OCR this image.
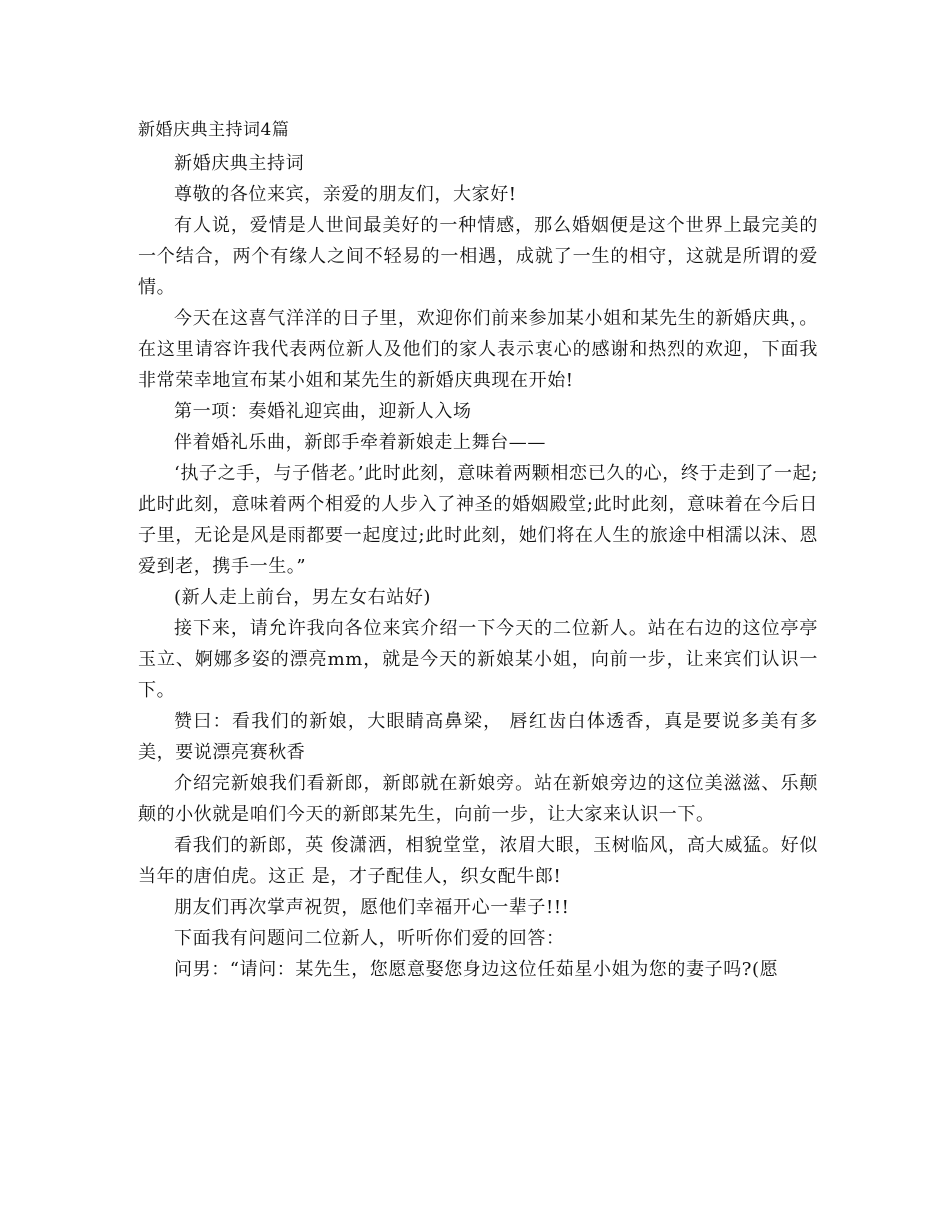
新婚庆典主持词4篇

新婚庆典主持词

尊敬的各位来宾，亲爱的朋友们，大家好!

有人说，爱情是人世间最美好的一种情感，那么婚姻便是这个世界上最完美的一个结合，两个有缘人之间不轻易的一相遇，成就了一生的相守，这就是所谓的爱情。

今天在这喜气洋洋的日子里，欢迎你们前来参加某小姐和某先生的新婚庆典，。在这里请容许我代表两位新人及他们的家人表示衷心的感谢和热烈的欢迎，下面我非常荣幸地宣布某小姐和某先生的新婚庆典现在开始!

第一项：奏婚礼迎宾曲，迎新人入场

伴着婚礼乐曲，新郎手牵着新娘走上舞台——

‘执子之手，与子偕老。’此时此刻，意味着两颗相恋已久的心，终于走到了一起;此时此刻，意味着两个相爱的人步入了神圣的婚姻殿堂;此时此刻，意味着在今后日子里，无论是风是雨都要一起度过;此时此刻，她们将在人生的旅途中相濡以沫、恩爱到老，携手一生。”

(新人走上前台，男左女右站好)

接下来，请允许我向各位来宾介绍一下今天的二位新人。站在右边的这位亭亭玉立、婀娜多姿的漂亮mm，就是今天的新娘某小姐，向前一步，让来宾们认识一下。

赞曰：看我们的新娘，大眼睛高鼻梁， 唇红齿白体透香，真是要说多美有多美，要说漂亮赛秋香

介绍完新娘我们看新郎，新郎就在新娘旁。站在新娘旁边的这位美滋滋、乐颠颠的小伙就是咱们今天的新郎某先生，向前一步，让大家来认识一下。

看我们的新郎，英 俊潇洒，相貌堂堂，浓眉大眼，玉树临风，高大威猛。好似当年的唐伯虎。这正 是，才子配佳人，织女配牛郎!

朋友们再次掌声祝贺，愿他们幸福开心一辈子!!!

下面我有问题问二位新人，听听你们爱的回答：

问男：“请问：某先生，您愿意娶您身边这位任茹星小姐为您的妻子吗?(愿
